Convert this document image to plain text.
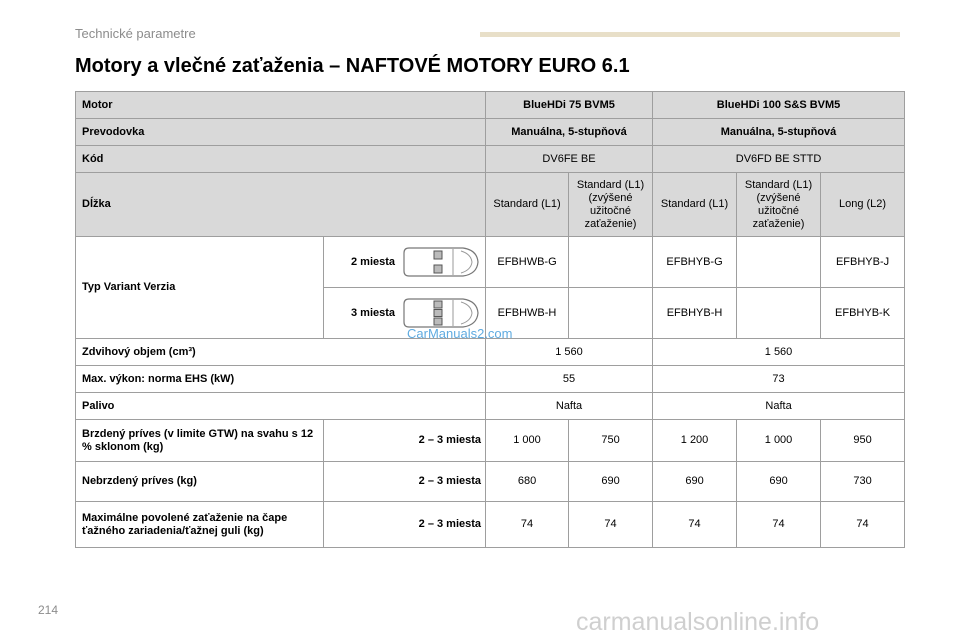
Technické parametre
Motory a vlečné zaťaženia – NAFTOVÉ MOTORY EURO 6.1
Motor		BlueHDi 75 BVM5		BlueHDi 100 S&S BVM5		
Prevodovka		Manuálna, 5-stupňová		Manuálna, 5-stupňová		
Kód		DV6FE BE		DV6FD BE STTD		
Dĺžka		Standard (L1)	Standard (L1) (zvýšené užitočné zaťaženie)	Standard (L1)	Standard (L1) (zvýšené užitočné zaťaženie)	Long (L2)
Typ Variant Verzia	2 miesta	EFBHWB-G		EFBHYB-G		EFBHYB-J

	3 miesta	EFBHWB-H		EFBHYB-H		EFBHYB-K
Zdvihový objem (cm³)		1 560		1 560		
Max. výkon: norma EHS (kW)		55		73		
Palivo		Nafta		Nafta		
Brzdený príves (v limite GTW) na svahu s 12 % sklonom (kg)	2 – 3 miesta	1 000	750	1 200	1 000	950
Nebrzdený príves (kg)	2 – 3 miesta	680	690	690	690	730
Maximálne povolené zaťaženie na čape ťažného zariadenia/ťažnej guli (kg)	2 – 3 miesta	74	74	74	74	74
CarManuals2.com
214	carmanualsonline.info
